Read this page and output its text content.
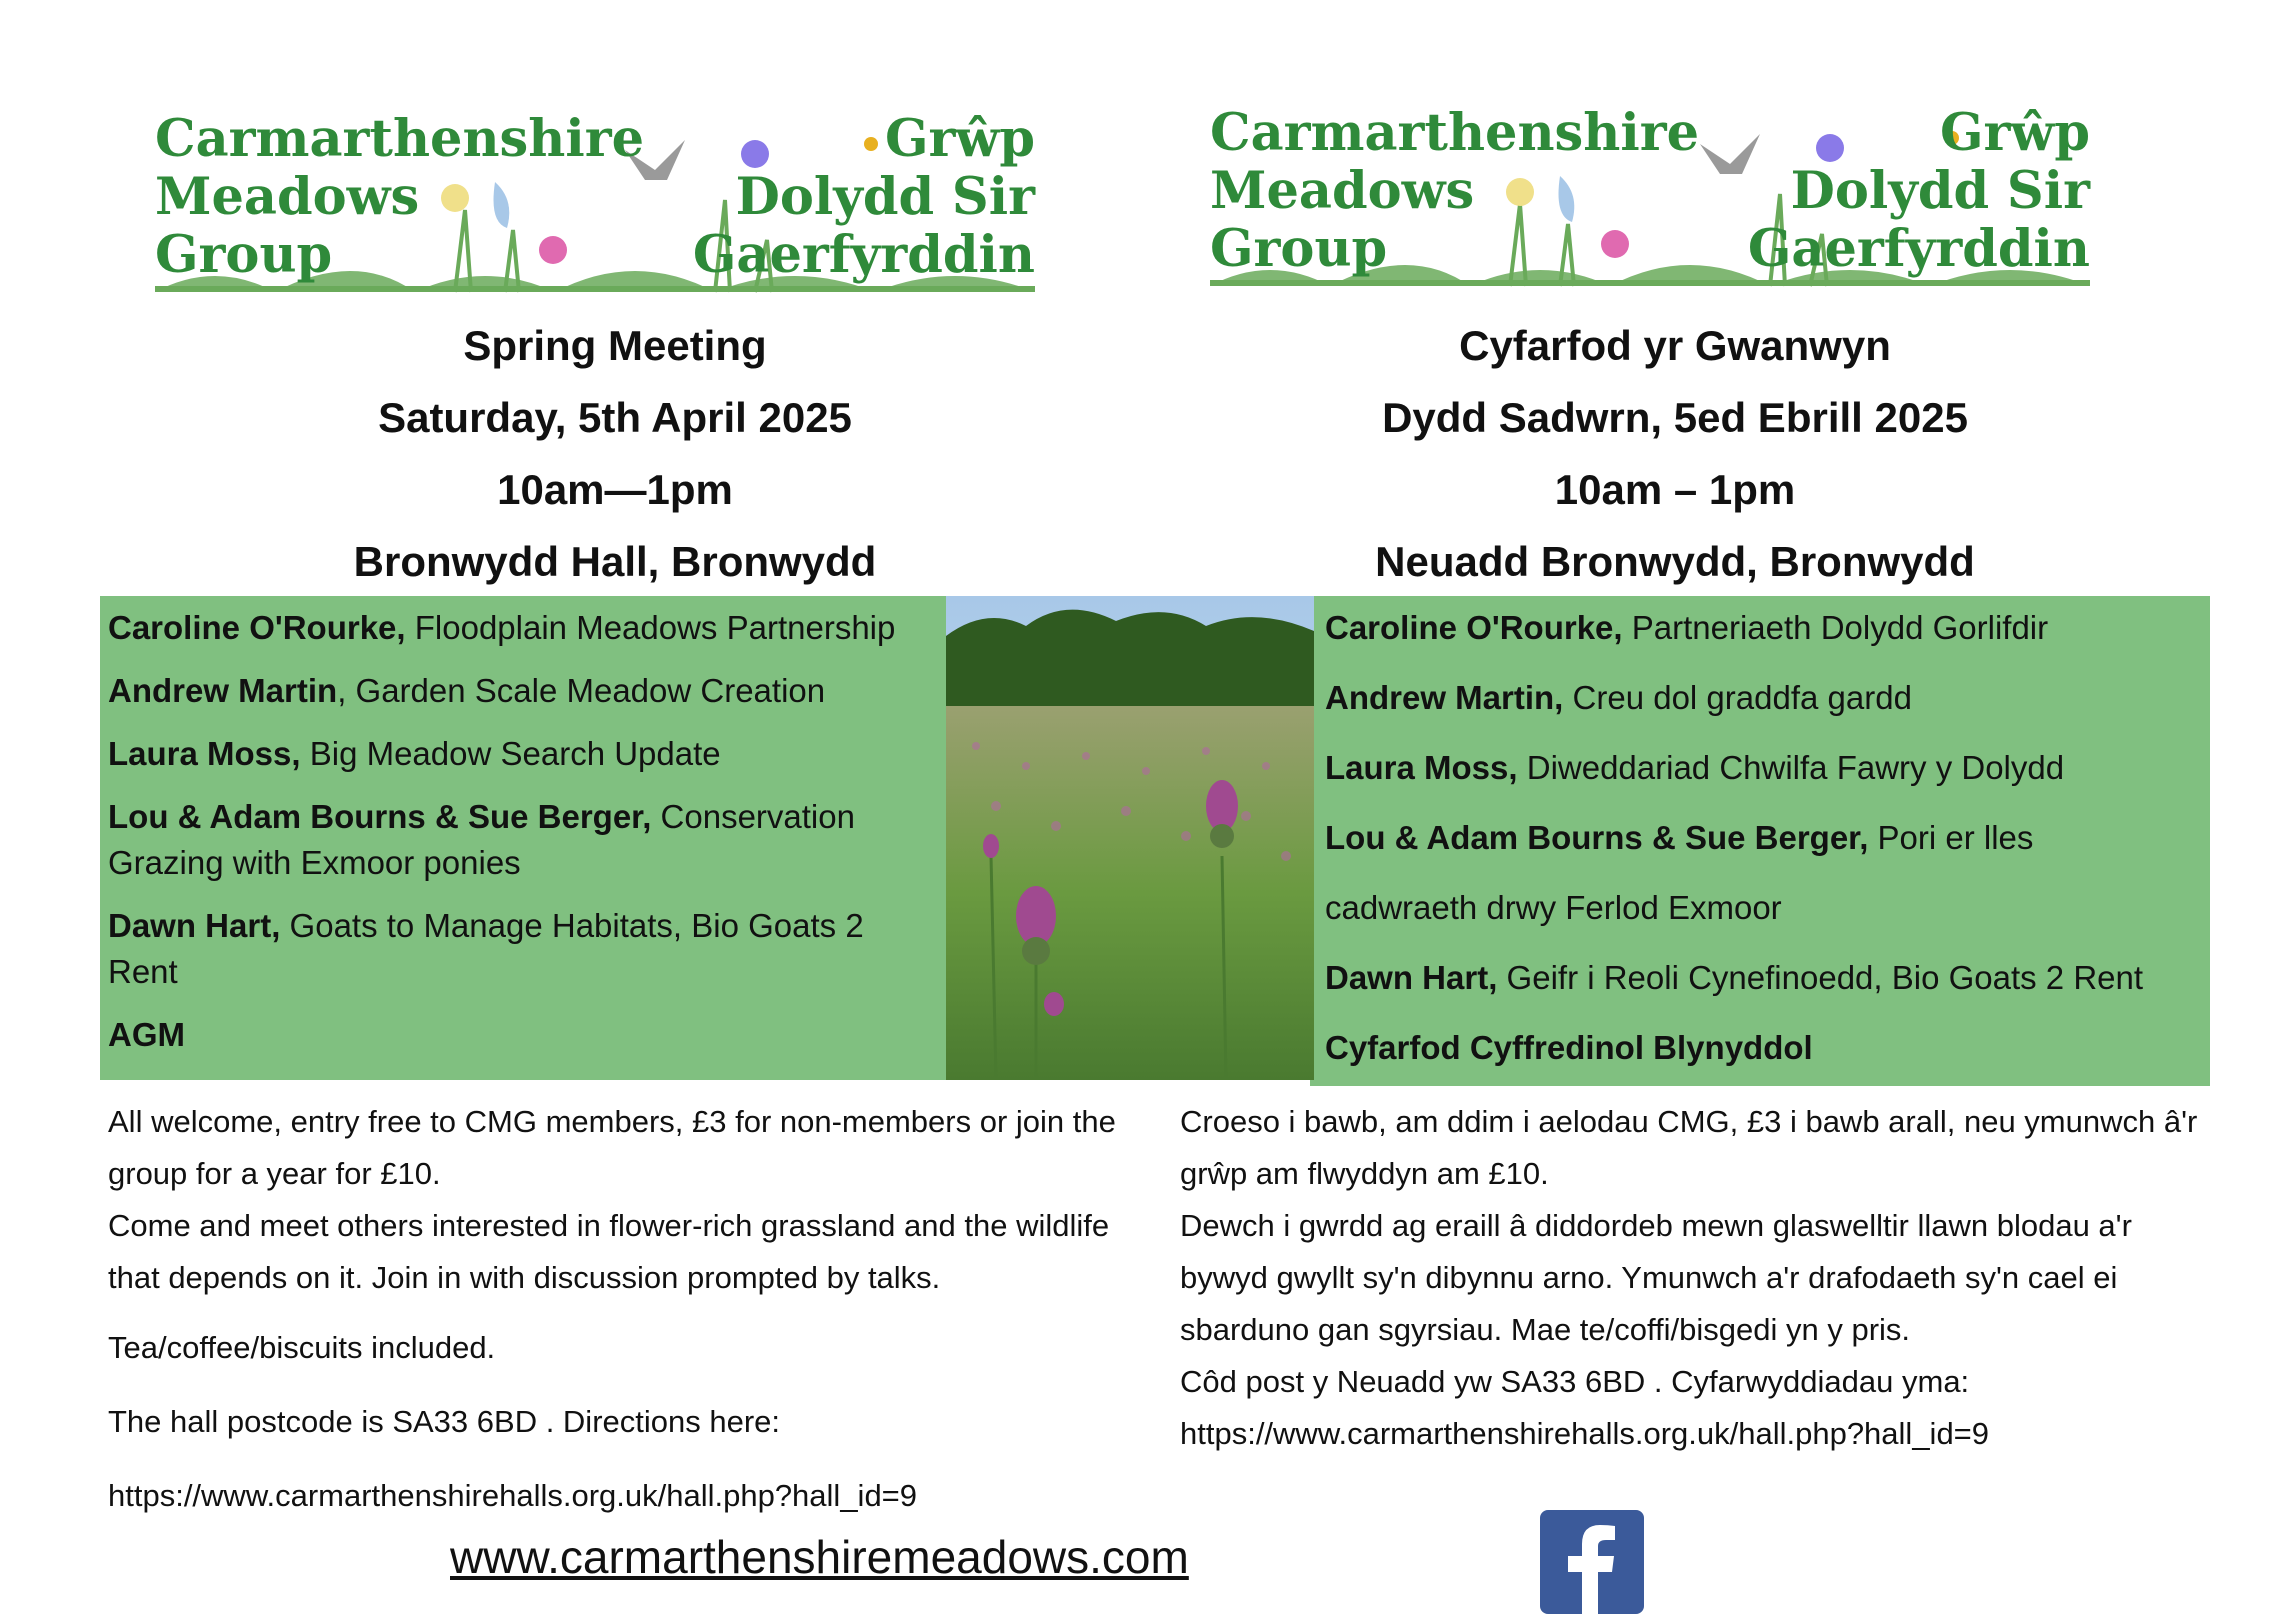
Carmarthenshire
Meadows
Group
Grŵp
Dolydd Sir
Gaerfyrddin
Carmarthenshire
Meadows
Group
Grŵp
Dolydd Sir
Gaerfyrddin
Spring Meeting
Saturday, 5th April 2025
10am—1pm
Bronwydd Hall, Bronwydd
Cyfarfod yr Gwanwyn
Dydd Sadwrn, 5ed Ebrill 2025
10am – 1pm
Neuadd Bronwydd, Bronwydd
Caroline O'Rourke, Floodplain Meadows Partnership
Andrew Martin, Garden Scale Meadow Creation
Laura Moss, Big Meadow Search Update
Lou & Adam Bourns & Sue Berger, Conservation Grazing with Exmoor ponies
Dawn Hart, Goats to Manage Habitats, Bio Goats 2 Rent
AGM
Caroline O'Rourke, Partneriaeth Dolydd Gorlifdir
Andrew Martin, Creu dol graddfa gardd
Laura Moss, Diweddariad Chwilfa Fawry y Dolydd
Lou & Adam Bourns & Sue Berger, Pori er lles
cadwraeth drwy Ferlod Exmoor
Dawn Hart, Geifr i Reoli Cynefinoedd, Bio Goats 2 Rent
Cyfarfod Cyffredinol Blynyddol
All welcome, entry free to CMG members, £3 for non-members or join the group for a year for £10.
Come and meet others interested in flower-rich grassland and the wildlife that depends on it. Join in with discussion prompted by talks.
Tea/coffee/biscuits included.
The hall postcode is SA33 6BD . Directions here:
https://www.carmarthenshirehalls.org.uk/hall.php?hall_id=9
Croeso i bawb, am ddim i aelodau CMG, £3 i bawb arall, neu ymunwch â'r grŵp am flwyddyn am £10.
Dewch i gwrdd ag eraill â diddordeb mewn glaswelltir llawn blodau a'r bywyd gwyllt sy'n dibynnu arno. Ymunwch a'r drafodaeth sy'n cael ei sbarduno gan sgyrsiau. Mae te/coffi/bisgedi yn y pris.
Côd post y Neuadd yw SA33 6BD . Cyfarwyddiadau yma:
https://www.carmarthenshirehalls.org.uk/hall.php?hall_id=9
www.carmarthenshiremeadows.com
